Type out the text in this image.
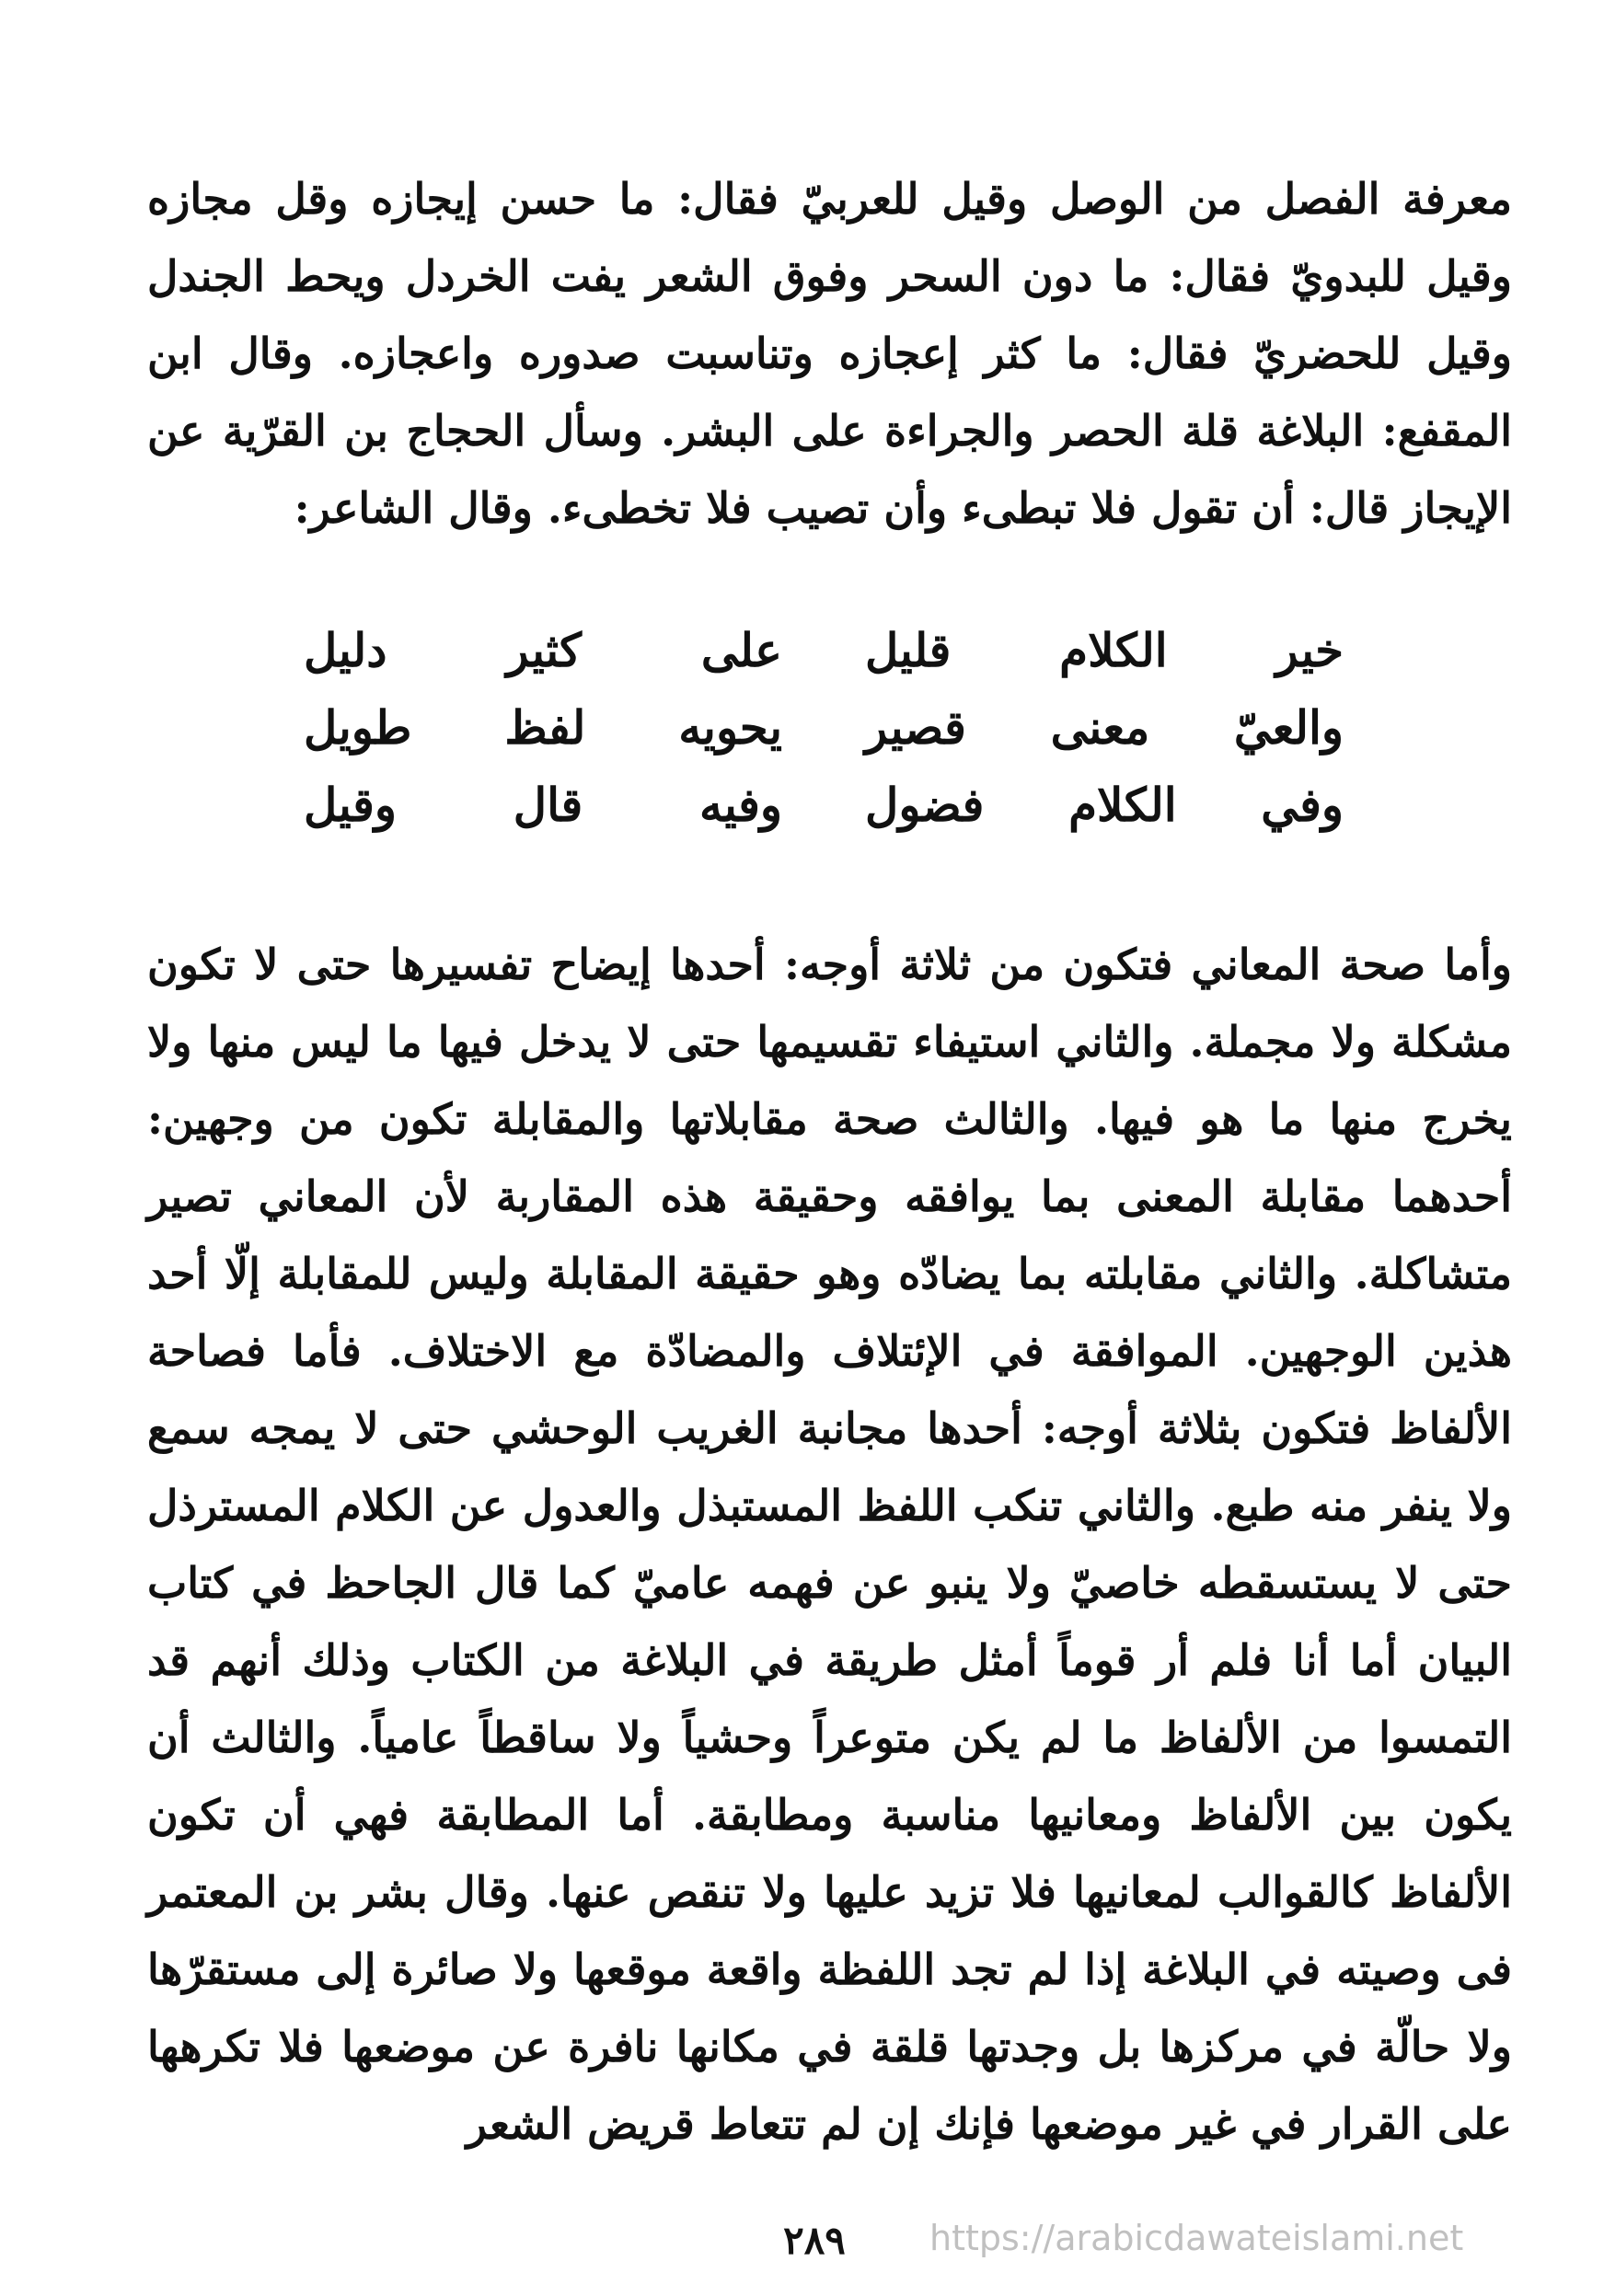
معرفة الفصل من الوصل وقيل للعربيّ فقال: ما حسن إيجازه وقل مجازه وقيل للبدويّ فقال: ما دون السحر وفوق الشعر يفت الخردل ويحط الجندل وقيل للحضريّ فقال: ما كثر إعجازه وتناسبت صدوره واعجازه. وقال ابن المقفع: البلاغة قلة الحصر والجراءة على البشر. وسأل الحجاج بن القرّية عن الإيجاز قال: أن تقول فلا تبطىء وأن تصيب فلا تخطىء. وقال الشاعر:

خير الكلام قليل
على كثير دليل
والعيّ معنى قصير
يحويه لفظ طويل
وفي الكلام فضول
وفيه قال وقيل

وأما صحة المعاني فتكون من ثلاثة أوجه: أحدها إيضاح تفسيرها حتى لا تكون مشكلة ولا مجملة. والثاني استيفاء تقسيمها حتى لا يدخل فيها ما ليس منها ولا يخرج منها ما هو فيها. والثالث صحة مقابلاتها والمقابلة تكون من وجهين: أحدهما مقابلة المعنى بما يوافقه وحقيقة هذه المقاربة لأن المعاني تصير متشاكلة. والثاني مقابلته بما يضادّه وهو حقيقة المقابلة وليس للمقابلة إلّا أحد هذين الوجهين. الموافقة في الإئتلاف والمضادّة مع الاختلاف. فأما فصاحة الألفاظ فتكون بثلاثة أوجه: أحدها مجانبة الغريب الوحشي حتى لا يمجه سمع ولا ينفر منه طبع. والثاني تنكب اللفظ المستبذل والعدول عن الكلام المسترذل حتى لا يستسقطه خاصيّ ولا ينبو عن فهمه عاميّ كما قال الجاحظ في كتاب البيان أما أنا فلم أر قوماً أمثل طريقة في البلاغة من الكتاب وذلك أنهم قد التمسوا من الألفاظ ما لم يكن متوعراً وحشياً ولا ساقطاً عامياً. والثالث أن يكون بين الألفاظ ومعانيها مناسبة ومطابقة. أما المطابقة فهي أن تكون الألفاظ كالقوالب لمعانيها فلا تزيد عليها ولا تنقص عنها. وقال بشر بن المعتمر فى وصيته في البلاغة إذا لم تجد اللفظة واقعة موقعها ولا صائرة إلى مستقرّها ولا حالّة في مركزها بل وجدتها قلقة في مكانها نافرة عن موضعها فلا تكرهها على القرار في غير موضعها فإنك إن لم تتعاط قريض الشعر

٢٨٩	https://arabicdawateislami.net
